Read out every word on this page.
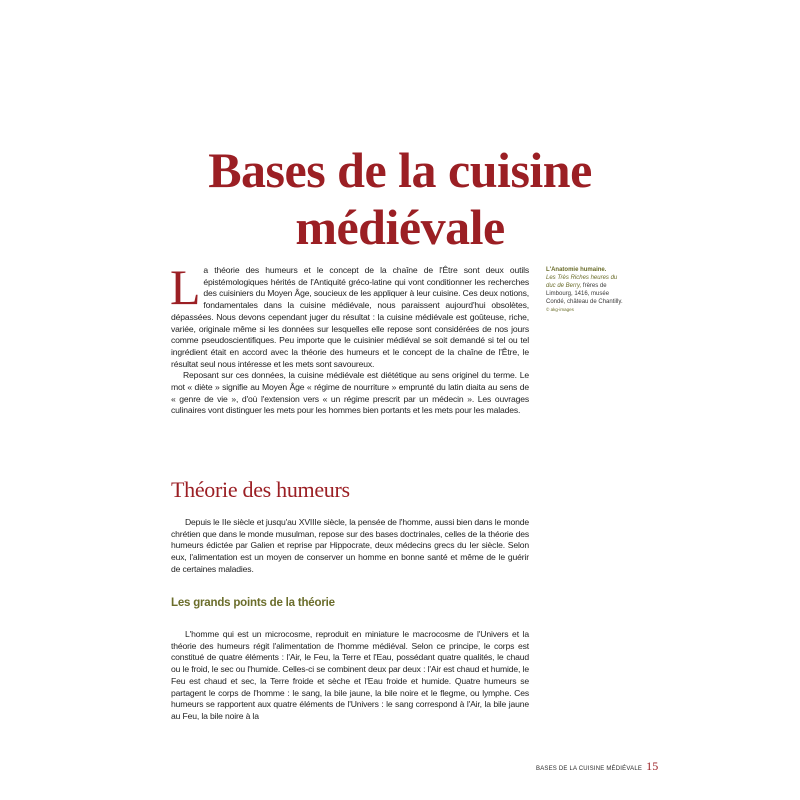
Bases de la cuisine
médiévale

La théorie des humeurs et le concept de la chaîne de l'Être sont deux outils épistémologiques hérités de l'Antiquité gréco-latine qui vont conditionner les recherches des cuisiniers du Moyen Âge, soucieux de les appliquer à leur cuisine. Ces deux notions, fondamentales dans la cuisine médiévale, nous paraissent aujourd'hui obsolètes, dépassées. Nous devons cependant juger du résultat : la cuisine médiévale est goûteuse, riche, variée, originale même si les données sur lesquelles elle repose sont considérées de nos jours comme pseudoscientifiques. Peu importe que le cuisinier médiéval se soit demandé si tel ou tel ingrédient était en accord avec la théorie des humeurs et le concept de la chaîne de l'Être, le résultat seul nous intéresse et les mets sont savoureux.

Reposant sur ces données, la cuisine médiévale est diététique au sens originel du terme. Le mot « diète » signifie au Moyen Âge « régime de nourriture » emprunté du latin diaita au sens de « genre de vie », d'où l'extension vers « un régime prescrit par un médecin ». Les ouvrages culinaires vont distinguer les mets pour les hommes bien portants et les mets pour les malades.

L'Anatomie humaine.
Les Très Riches heures du duc de Berry, frères de Limbourg, 1416, musée Condé, château de Chantilly.
© akg-images
Théorie des humeurs

Depuis le IIe siècle et jusqu'au XVIIIe siècle, la pensée de l'homme, aussi bien dans le monde chrétien que dans le monde musulman, repose sur des bases doctrinales, celles de la théorie des humeurs édictée par Galien et reprise par Hippocrate, deux médecins grecs du Ier siècle. Selon eux, l'alimentation est un moyen de conserver un homme en bonne santé et même de le guérir de certaines maladies.

Les grands points de la théorie

L'homme qui est un microcosme, reproduit en miniature le macrocosme de l'Univers et la théorie des humeurs régit l'alimentation de l'homme médiéval. Selon ce principe, le corps est constitué de quatre éléments : l'Air, le Feu, la Terre et l'Eau, possédant quatre qualités, le chaud ou le froid, le sec ou l'humide. Celles-ci se combinent deux par deux : l'Air est chaud et humide, le Feu est chaud et sec, la Terre froide et sèche et l'Eau froide et humide. Quatre humeurs se partagent le corps de l'homme : le sang, la bile jaune, la bile noire et le flegme, ou lymphe. Ces humeurs se rapportent aux quatre éléments de l'Univers : le sang correspond à l'Air, la bile jaune au Feu, la bile noire à la

BASES DE LA CUISINE MÉDIÉVALE 15
